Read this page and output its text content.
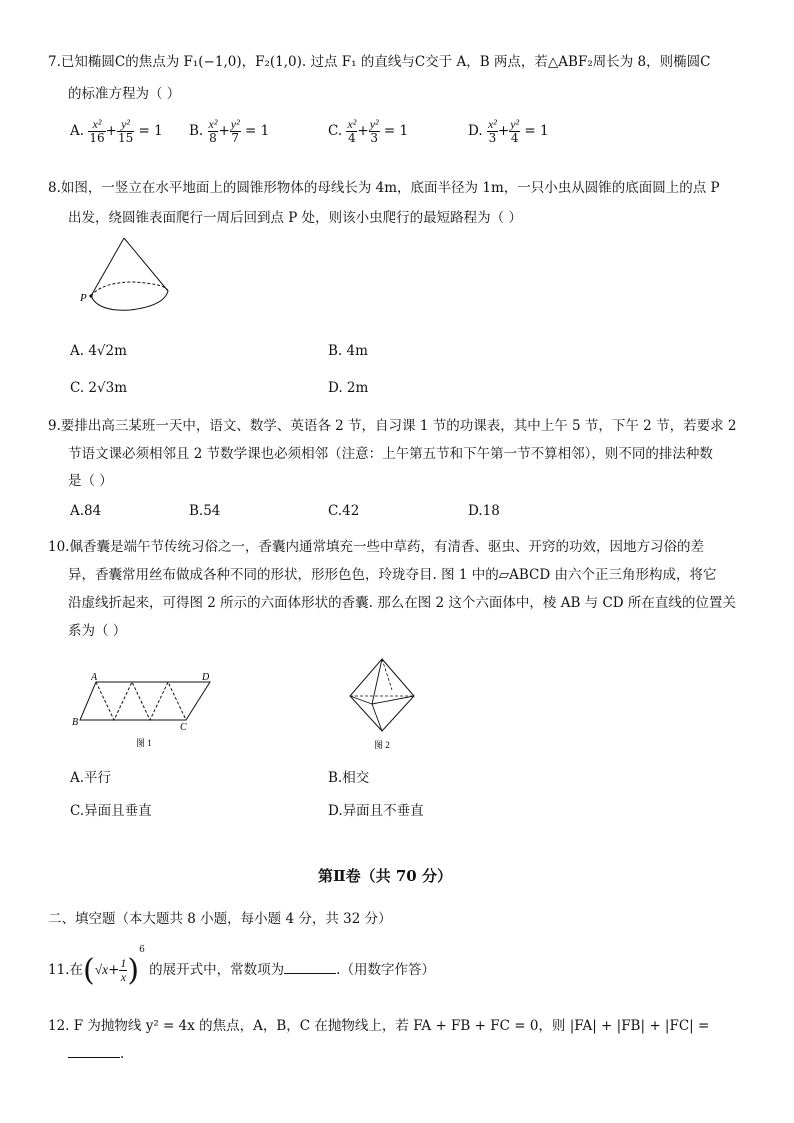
7.已知椭圆C的焦点为 F₁(−1,0)，F₂(1,0). 过点 F₁ 的直线与C交于 A，B 两点，若△ABF₂周长为 8，则椭圆C
的标准方程为（ ）
A. $\frac{\text{x²}}{16} + \frac{\text{y²}}{15} = 1$ B. $\frac{\text{x²}}{8} + \frac{\text{y²}}{7} = 1$	C. $\frac{\text{x²}}{4} + \frac{\text{y²}}{3} = 1$	D. $\frac{\text{x²}}{3} + \frac{\text{y²}}{4} = 1$
8.如图，一竖立在水平地面上的圆锥形物体的母线长为 4m，底面半径为 1m，一只小虫从圆锥的底面圆上的点 P
出发，绕圆锥表面爬行一周后回到点 P 处，则该小虫爬行的最短路程为（ ）
P
A. 4√2m	B. 4m
C. 2√3m	D. 2m
9.要排出高三某班一天中，语文、数学、英语各 2 节，自习课 1 节的功课表，其中上午 5 节，下午 2 节，若要求 2
节语文课必须相邻且 2 节数学课也必须相邻（注意：上午第五节和下午第一节不算相邻），则不同的排法种数
是（ ）
A.84	B.54	C.42	D.18
10.佩香囊是端午节传统习俗之一，香囊内通常填充一些中草药，有清香、驱虫、开窍的功效，因地方习俗的差
异，香囊常用丝布做成各种不同的形状，形形色色，玲珑夺目. 图 1 中的▱ABCD 由六个正三角形构成，将它
沿虚线折起来，可得图 2 所示的六面体形状的香囊. 那么在图 2 这个六面体中，棱 AB 与 CD 所在直线的位置关
系为（ ）
A	D
B	C
图 1	图 2
A.平行	B.相交
C.异面且垂直	D.异面且不垂直
第Ⅱ卷（共 70 分）
二、填空题（本大题共 8 小题，每小题 4 分，共 32 分）
11.在$(√x+ \frac{1}{x} )^6$ 的展开式中，常数项为	.（用数字作答）
12. F 为抛物线 y² = 4x 的焦点，A，B，C 在抛物线上，若 FA + FB + FC = 0，则 |FA| + |FB| + |FC| =
.
